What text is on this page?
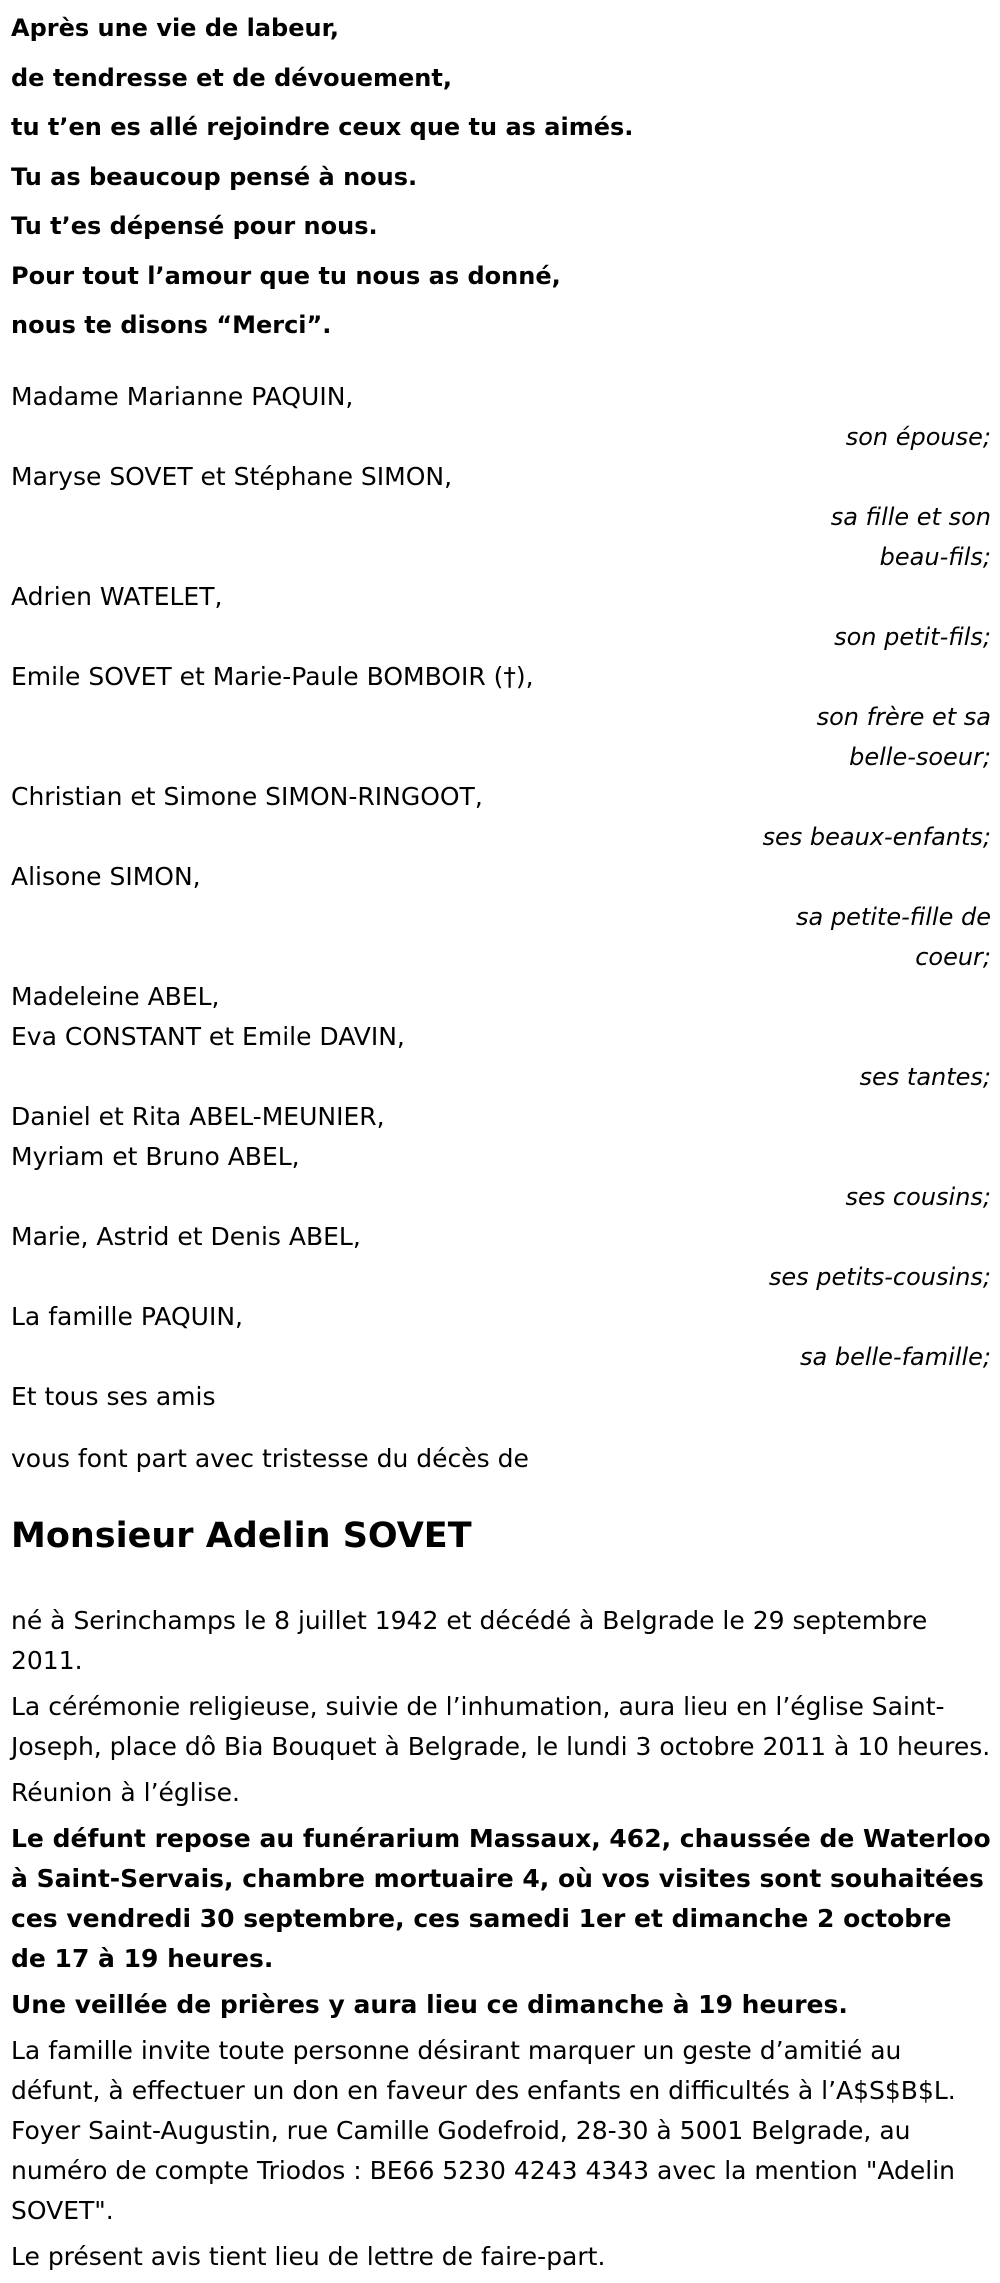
Après une vie de labeur,
de tendresse et de dévouement,
tu t’en es allé rejoindre ceux que tu as aimés.
Tu as beaucoup pensé à nous.
Tu t’es dépensé pour nous.
Pour tout l’amour que tu nous as donné,
nous te disons “Merci”.
Madame Marianne PAQUIN,
son épouse;
Maryse SOVET et Stéphane SIMON,
sa fille et son
beau-fils;
Adrien WATELET,
son petit-fils;
Emile SOVET et Marie-Paule BOMBOIR (†),
son frère et sa
belle-soeur;
Christian et Simone SIMON-RINGOOT,
ses beaux-enfants;
Alisone SIMON,
sa petite-fille de
coeur;
Madeleine ABEL,
Eva CONSTANT et Emile DAVIN,
ses tantes;
Daniel et Rita ABEL-MEUNIER,
Myriam et Bruno ABEL,
ses cousins;
Marie, Astrid et Denis ABEL,
ses petits-cousins;
La famille PAQUIN,
sa belle-famille;
Et tous ses amis
vous font part avec tristesse du décès de
Monsieur Adelin SOVET
né à Serinchamps le 8 juillet 1942 et décédé à Belgrade le 29 septembre 2011.
La cérémonie religieuse, suivie de l’inhumation, aura lieu en l’église Saint-Joseph, place dô Bia Bouquet à Belgrade, le lundi 3 octobre 2011 à 10 heures.
Réunion à l’église.
Le défunt repose au funérarium Massaux, 462, chaussée de Waterloo à Saint-Servais, chambre mortuaire 4, où vos visites sont souhaitées ces vendredi 30 septembre, ces samedi 1er et dimanche 2 octobre de 17 à 19 heures.
Une veillée de prières y aura lieu ce dimanche à 19 heures.
La famille invite toute personne désirant marquer un geste d’amitié au défunt, à effectuer un don en faveur des enfants en difficultés à l’A$S$B$L. Foyer Saint-Augustin, rue Camille Godefroid, 28-30 à 5001 Belgrade, au numéro de compte Triodos : BE66 5230 4243 4343 avec la mention "Adelin SOVET".
Le présent avis tient lieu de lettre de faire-part.
